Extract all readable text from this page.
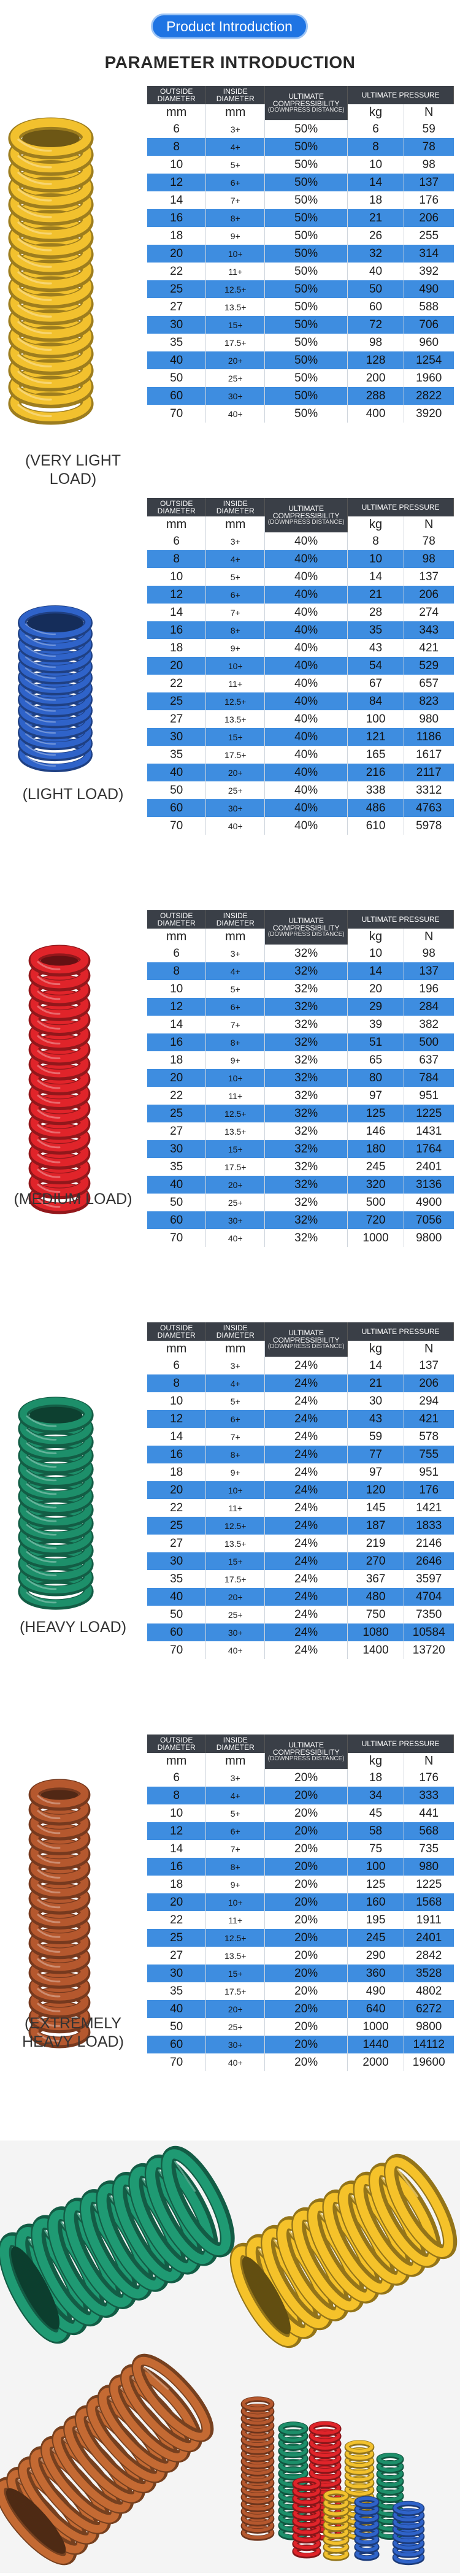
Product Introduction
PARAMETER INTRODUCTION
(VERY LIGHT LOAD)
OUTSIDE DIAMETER	INSIDE DIAMETER	ULTIMATE COMPRESSIBILITY
(DOWNPRESS DISTANCE)	ULTIMATE PRESSURE	
mm	mm		kg	N
6	3+	50%	6	59
8	4+	50%	8	78
10	5+	50%	10	98
12	6+	50%	14	137
14	7+	50%	18	176
16	8+	50%	21	206
18	9+	50%	26	255
20	10+	50%	32	314
22	11+	50%	40	392
25	12.5+	50%	50	490
27	13.5+	50%	60	588
30	15+	50%	72	706
35	17.5+	50%	98	960
40	20+	50%	128	1254
50	25+	50%	200	1960
60	30+	50%	288	2822
70	40+	50%	400	3920
(LIGHT LOAD)
OUTSIDE DIAMETER	INSIDE DIAMETER	ULTIMATE COMPRESSIBILITY
(DOWNPRESS DISTANCE)	ULTIMATE PRESSURE	
mm	mm		kg	N
6	3+	40%	8	78
8	4+	40%	10	98
10	5+	40%	14	137
12	6+	40%	21	206
14	7+	40%	28	274
16	8+	40%	35	343
18	9+	40%	43	421
20	10+	40%	54	529
22	11+	40%	67	657
25	12.5+	40%	84	823
27	13.5+	40%	100	980
30	15+	40%	121	1186
35	17.5+	40%	165	1617
40	20+	40%	216	2117
50	25+	40%	338	3312
60	30+	40%	486	4763
70	40+	40%	610	5978
(MEDIUM LOAD)
OUTSIDE DIAMETER	INSIDE DIAMETER	ULTIMATE COMPRESSIBILITY
(DOWNPRESS DISTANCE)	ULTIMATE PRESSURE	
mm	mm		kg	N
6	3+	32%	10	98
8	4+	32%	14	137
10	5+	32%	20	196
12	6+	32%	29	284
14	7+	32%	39	382
16	8+	32%	51	500
18	9+	32%	65	637
20	10+	32%	80	784
22	11+	32%	97	951
25	12.5+	32%	125	1225
27	13.5+	32%	146	1431
30	15+	32%	180	1764
35	17.5+	32%	245	2401
40	20+	32%	320	3136
50	25+	32%	500	4900
60	30+	32%	720	7056
70	40+	32%	1000	9800
(HEAVY LOAD)
OUTSIDE DIAMETER	INSIDE DIAMETER	ULTIMATE COMPRESSIBILITY
(DOWNPRESS DISTANCE)	ULTIMATE PRESSURE	
mm	mm		kg	N
6	3+	24%	14	137
8	4+	24%	21	206
10	5+	24%	30	294
12	6+	24%	43	421
14	7+	24%	59	578
16	8+	24%	77	755
18	9+	24%	97	951
20	10+	24%	120	176
22	11+	24%	145	1421
25	12.5+	24%	187	1833
27	13.5+	24%	219	2146
30	15+	24%	270	2646
35	17.5+	24%	367	3597
40	20+	24%	480	4704
50	25+	24%	750	7350
60	30+	24%	1080	10584
70	40+	24%	1400	13720
(EXTREMELY HEAVY LOAD)
OUTSIDE DIAMETER	INSIDE DIAMETER	ULTIMATE COMPRESSIBILITY
(DOWNPRESS DISTANCE)	ULTIMATE PRESSURE	
mm	mm		kg	N
6	3+	20%	18	176
8	4+	20%	34	333
10	5+	20%	45	441
12	6+	20%	58	568
14	7+	20%	75	735
16	8+	20%	100	980
18	9+	20%	125	1225
20	10+	20%	160	1568
22	11+	20%	195	1911
25	12.5+	20%	245	2401
27	13.5+	20%	290	2842
30	15+	20%	360	3528
35	17.5+	20%	490	4802
40	20+	20%	640	6272
50	25+	20%	1000	9800
60	30+	20%	1440	14112
70	40+	20%	2000	19600
